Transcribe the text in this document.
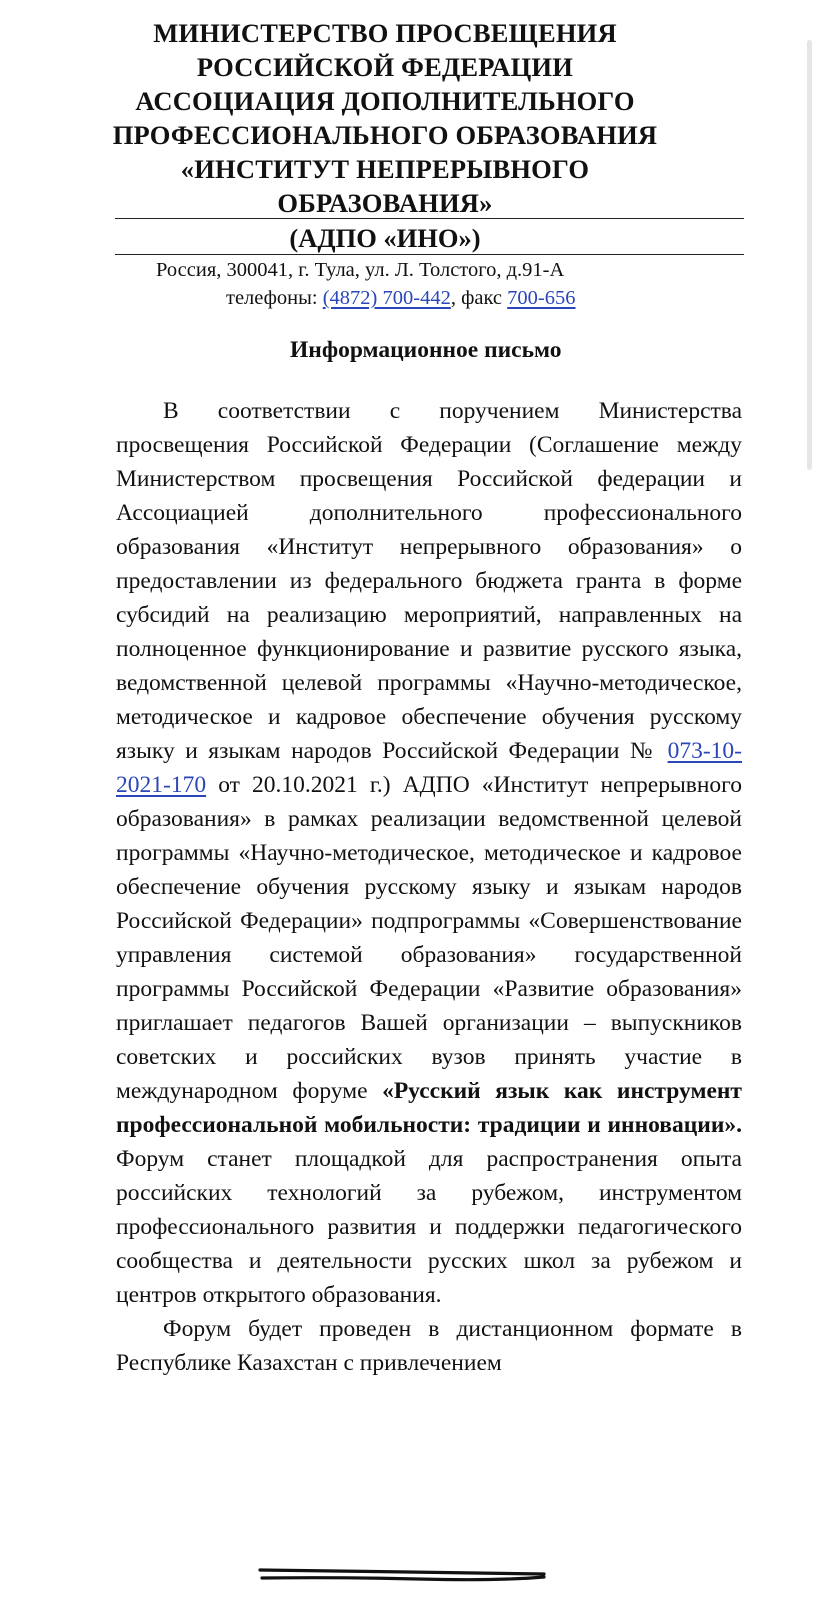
МИНИСТЕРСТВО ПРОСВЕЩЕНИЯ
РОССИЙСКОЙ ФЕДЕРАЦИИ
АССОЦИАЦИЯ ДОПОЛНИТЕЛЬНОГО
ПРОФЕССИОНАЛЬНОГО ОБРАЗОВАНИЯ
«ИНСТИТУТ НЕПРЕРЫВНОГО
ОБРАЗОВАНИЯ»
(АДПО «ИНО»)
Россия, 300041, г. Тула, ул. Л. Толстого, д.91-А
телефоны: (4872) 700-442, факс 700-656
Информационное письмо

В соответствии с поручением Министерства просвещения Российской Федерации (Соглашение между Министерством просвещения Российской федерации и Ассоциацией дополнительного профессионального образования «Институт непрерывного образования» о предоставлении из федерального бюджета гранта в форме субсидий на реализацию мероприятий, направленных на полноценное функционирование и развитие русского языка, ведомственной целевой программы «Научно-методическое, методическое и кадровое обеспечение обучения русскому языку и языкам народов Российской Федерации № 073-10-2021-170 от 20.10.2021 г.) АДПО «Институт непрерывного образования» в рамках реализации ведомственной целевой программы «Научно-методическое, методическое и кадровое обеспечение обучения русскому языку и языкам народов Российской Федерации» подпрограммы «Совершенствование управления системой образования» государственной программы Российской Федерации «Развитие образования» приглашает педагогов Вашей организации – выпускников советских и российских вузов принять участие в международном форуме «Русский язык как инструмент профессиональной мобильности: традиции и инновации». Форум станет площадкой для распространения опыта российских технологий за рубежом, инструментом профессионального развития и поддержки педагогического сообщества и деятельности русских школ за рубежом и центров открытого образования.

Форум будет проведен в дистанционном формате в Республике Казахстан с привлечением
